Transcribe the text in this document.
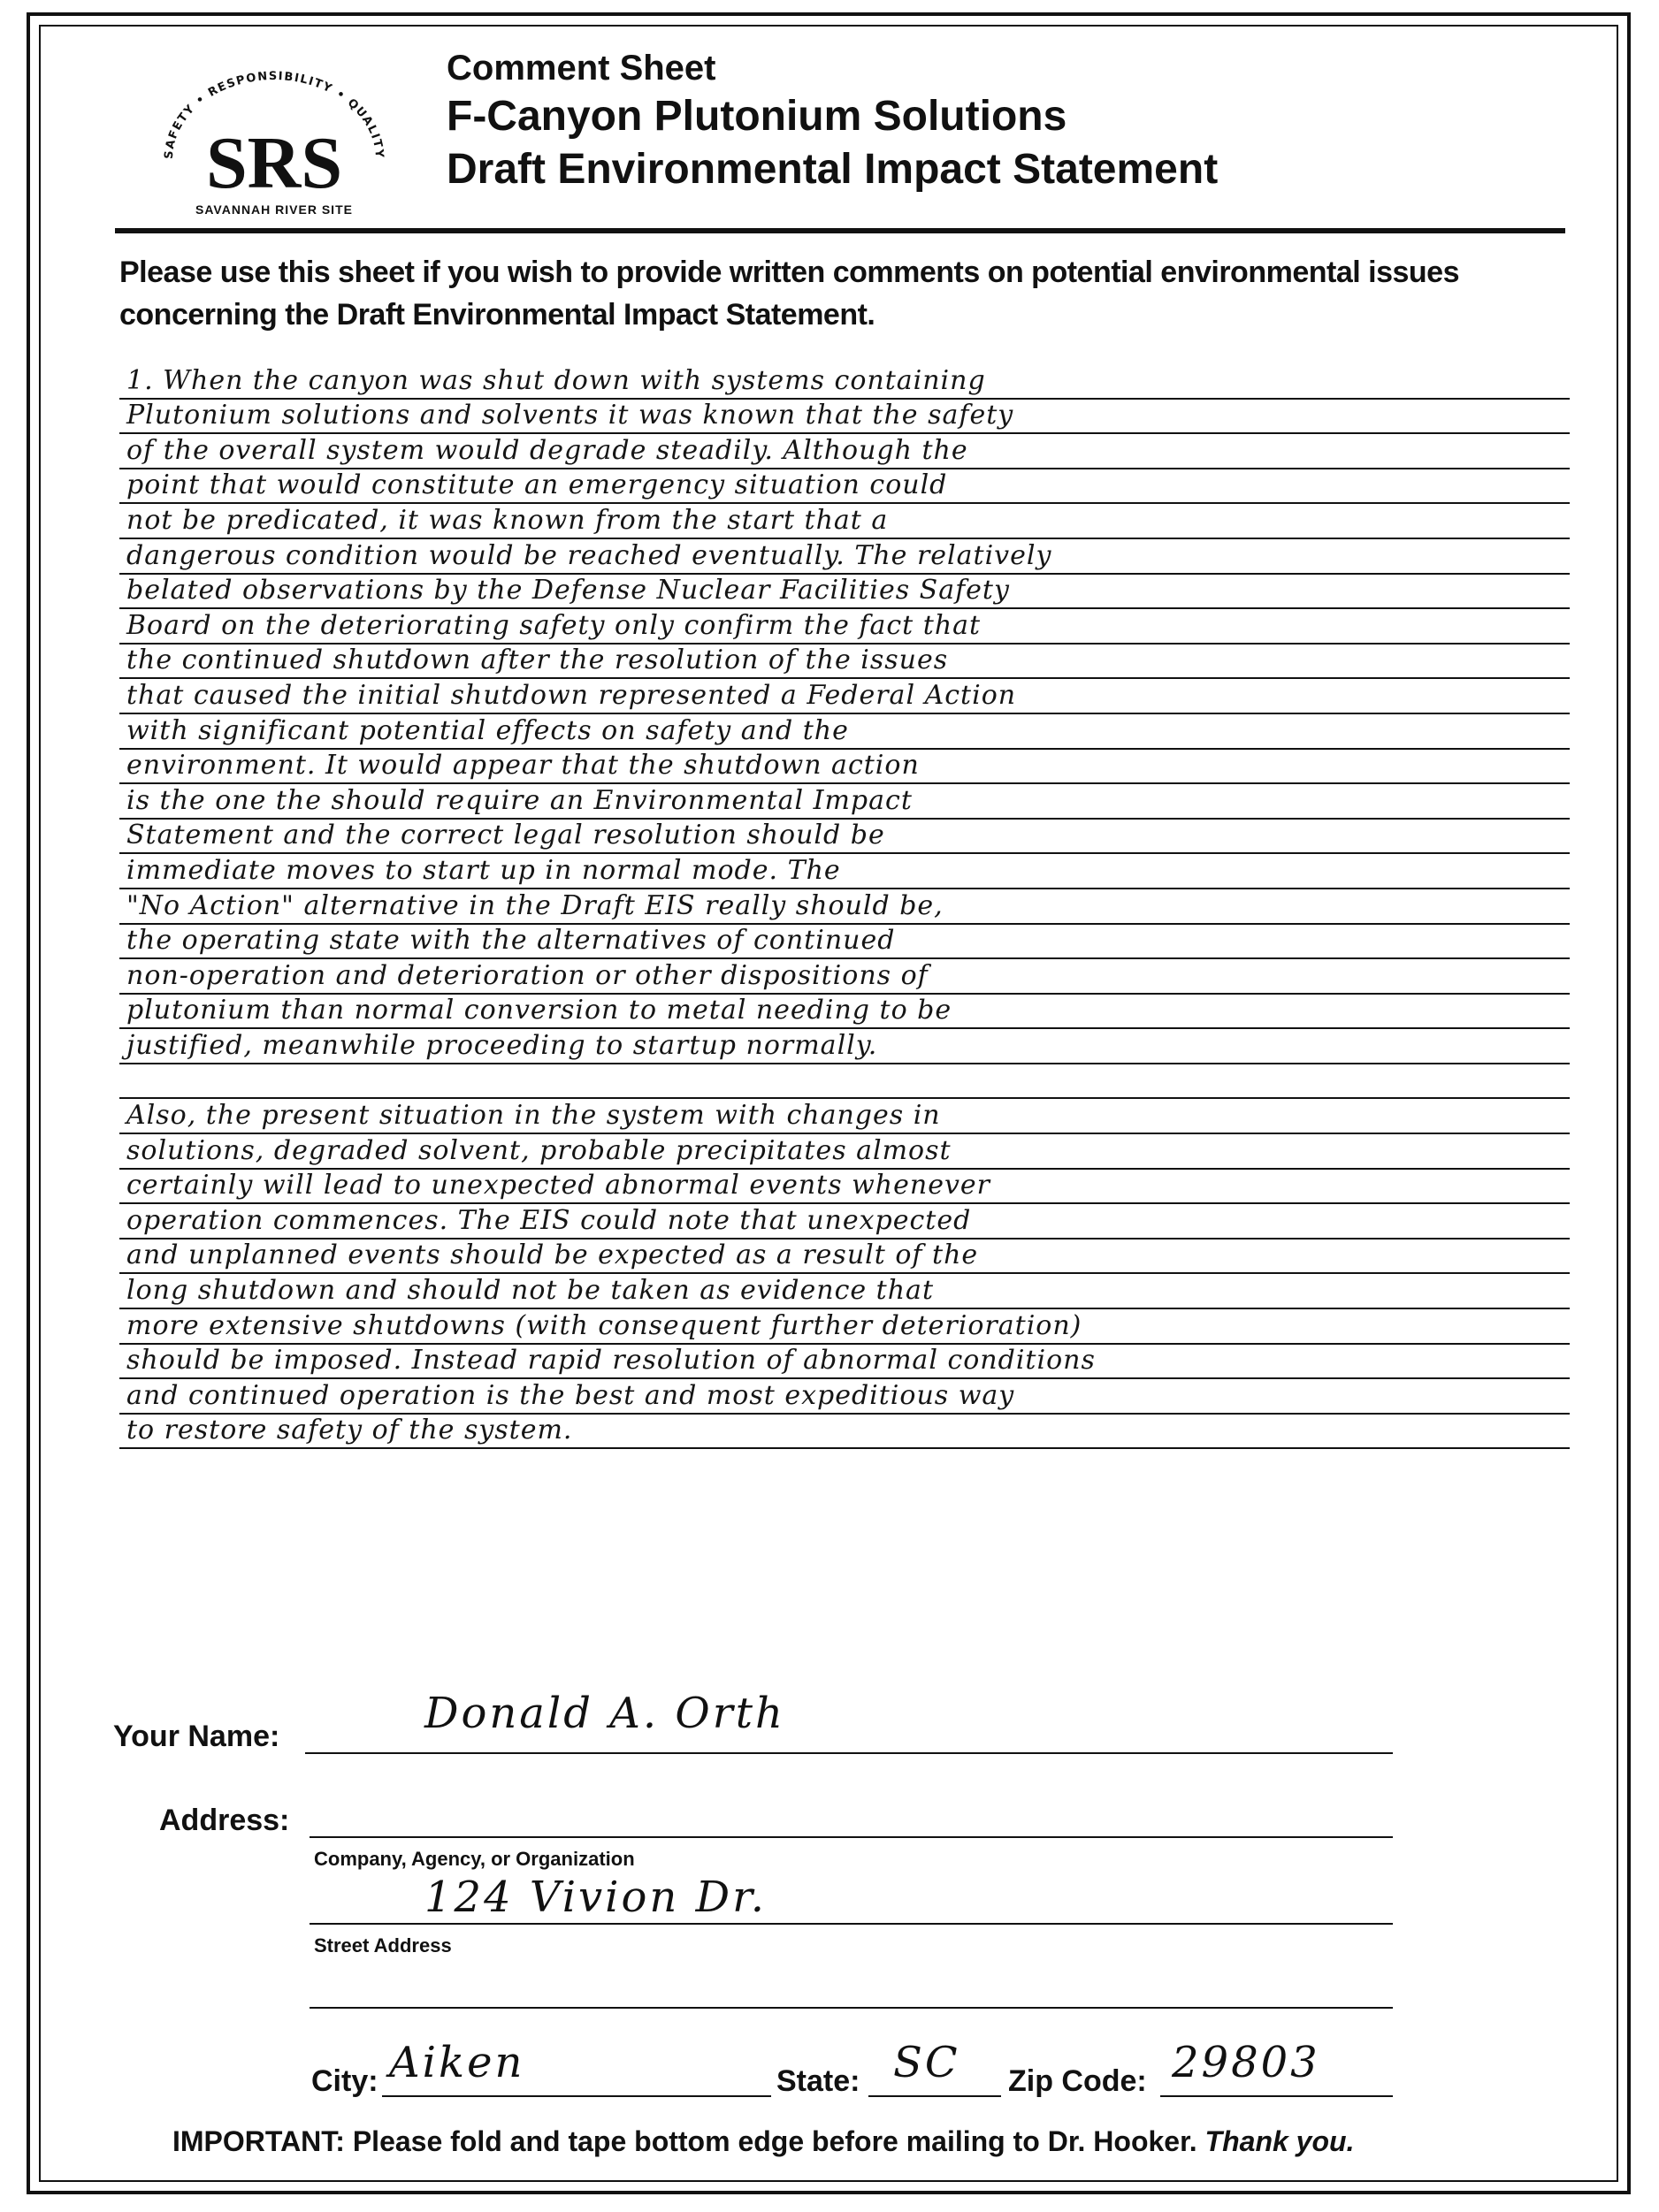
SAFETY • RESPONSIBILITY • QUALITY
SRS
SAVANNAH RIVER SITE
Comment Sheet
F-Canyon Plutonium Solutions
Draft Environmental Impact Statement
Please use this sheet if you wish to provide written comments on potential environmental issues concerning the Draft Environmental Impact Statement.
1. When the canyon was shut down with systems containing
Plutonium solutions and solvents it was known that the safety
of the overall system would degrade steadily. Although the
point that would constitute an emergency situation could
not be predicated, it was known from the start that a
dangerous condition would be reached eventually. The relatively
belated observations by the Defense Nuclear Facilities Safety
Board on the deteriorating safety only confirm the fact that
the continued shutdown after the resolution of the issues
that caused the initial shutdown represented a Federal Action
with significant potential effects on safety and the
environment. It would appear that the shutdown action
is the one the should require an Environmental Impact
Statement and the correct legal resolution should be
immediate moves to start up in normal mode. The
"No Action" alternative in the Draft EIS really should be,
the operating state with the alternatives of continued
non-operation and deterioration or other dispositions of
plutonium than normal conversion to metal needing to be
justified, meanwhile proceeding to startup normally.
Also, the present situation in the system with changes in
solutions, degraded solvent, probable precipitates almost
certainly will lead to unexpected abnormal events whenever
operation commences. The EIS could note that unexpected
and unplanned events should be expected as a result of the
long shutdown and should not be taken as evidence that
more extensive shutdowns (with consequent further deterioration)
should be imposed. Instead rapid resolution of abnormal conditions
and continued operation is the best and most expeditious way
to restore safety of the system.
Your Name:	Donald A. Orth
Address:
Company, Agency, or Organization
124 Vivion Dr.
Street Address
City: Aiken	State: SC Zip Code: 29803
IMPORTANT: Please fold and tape bottom edge before mailing to Dr. Hooker. Thank you.
